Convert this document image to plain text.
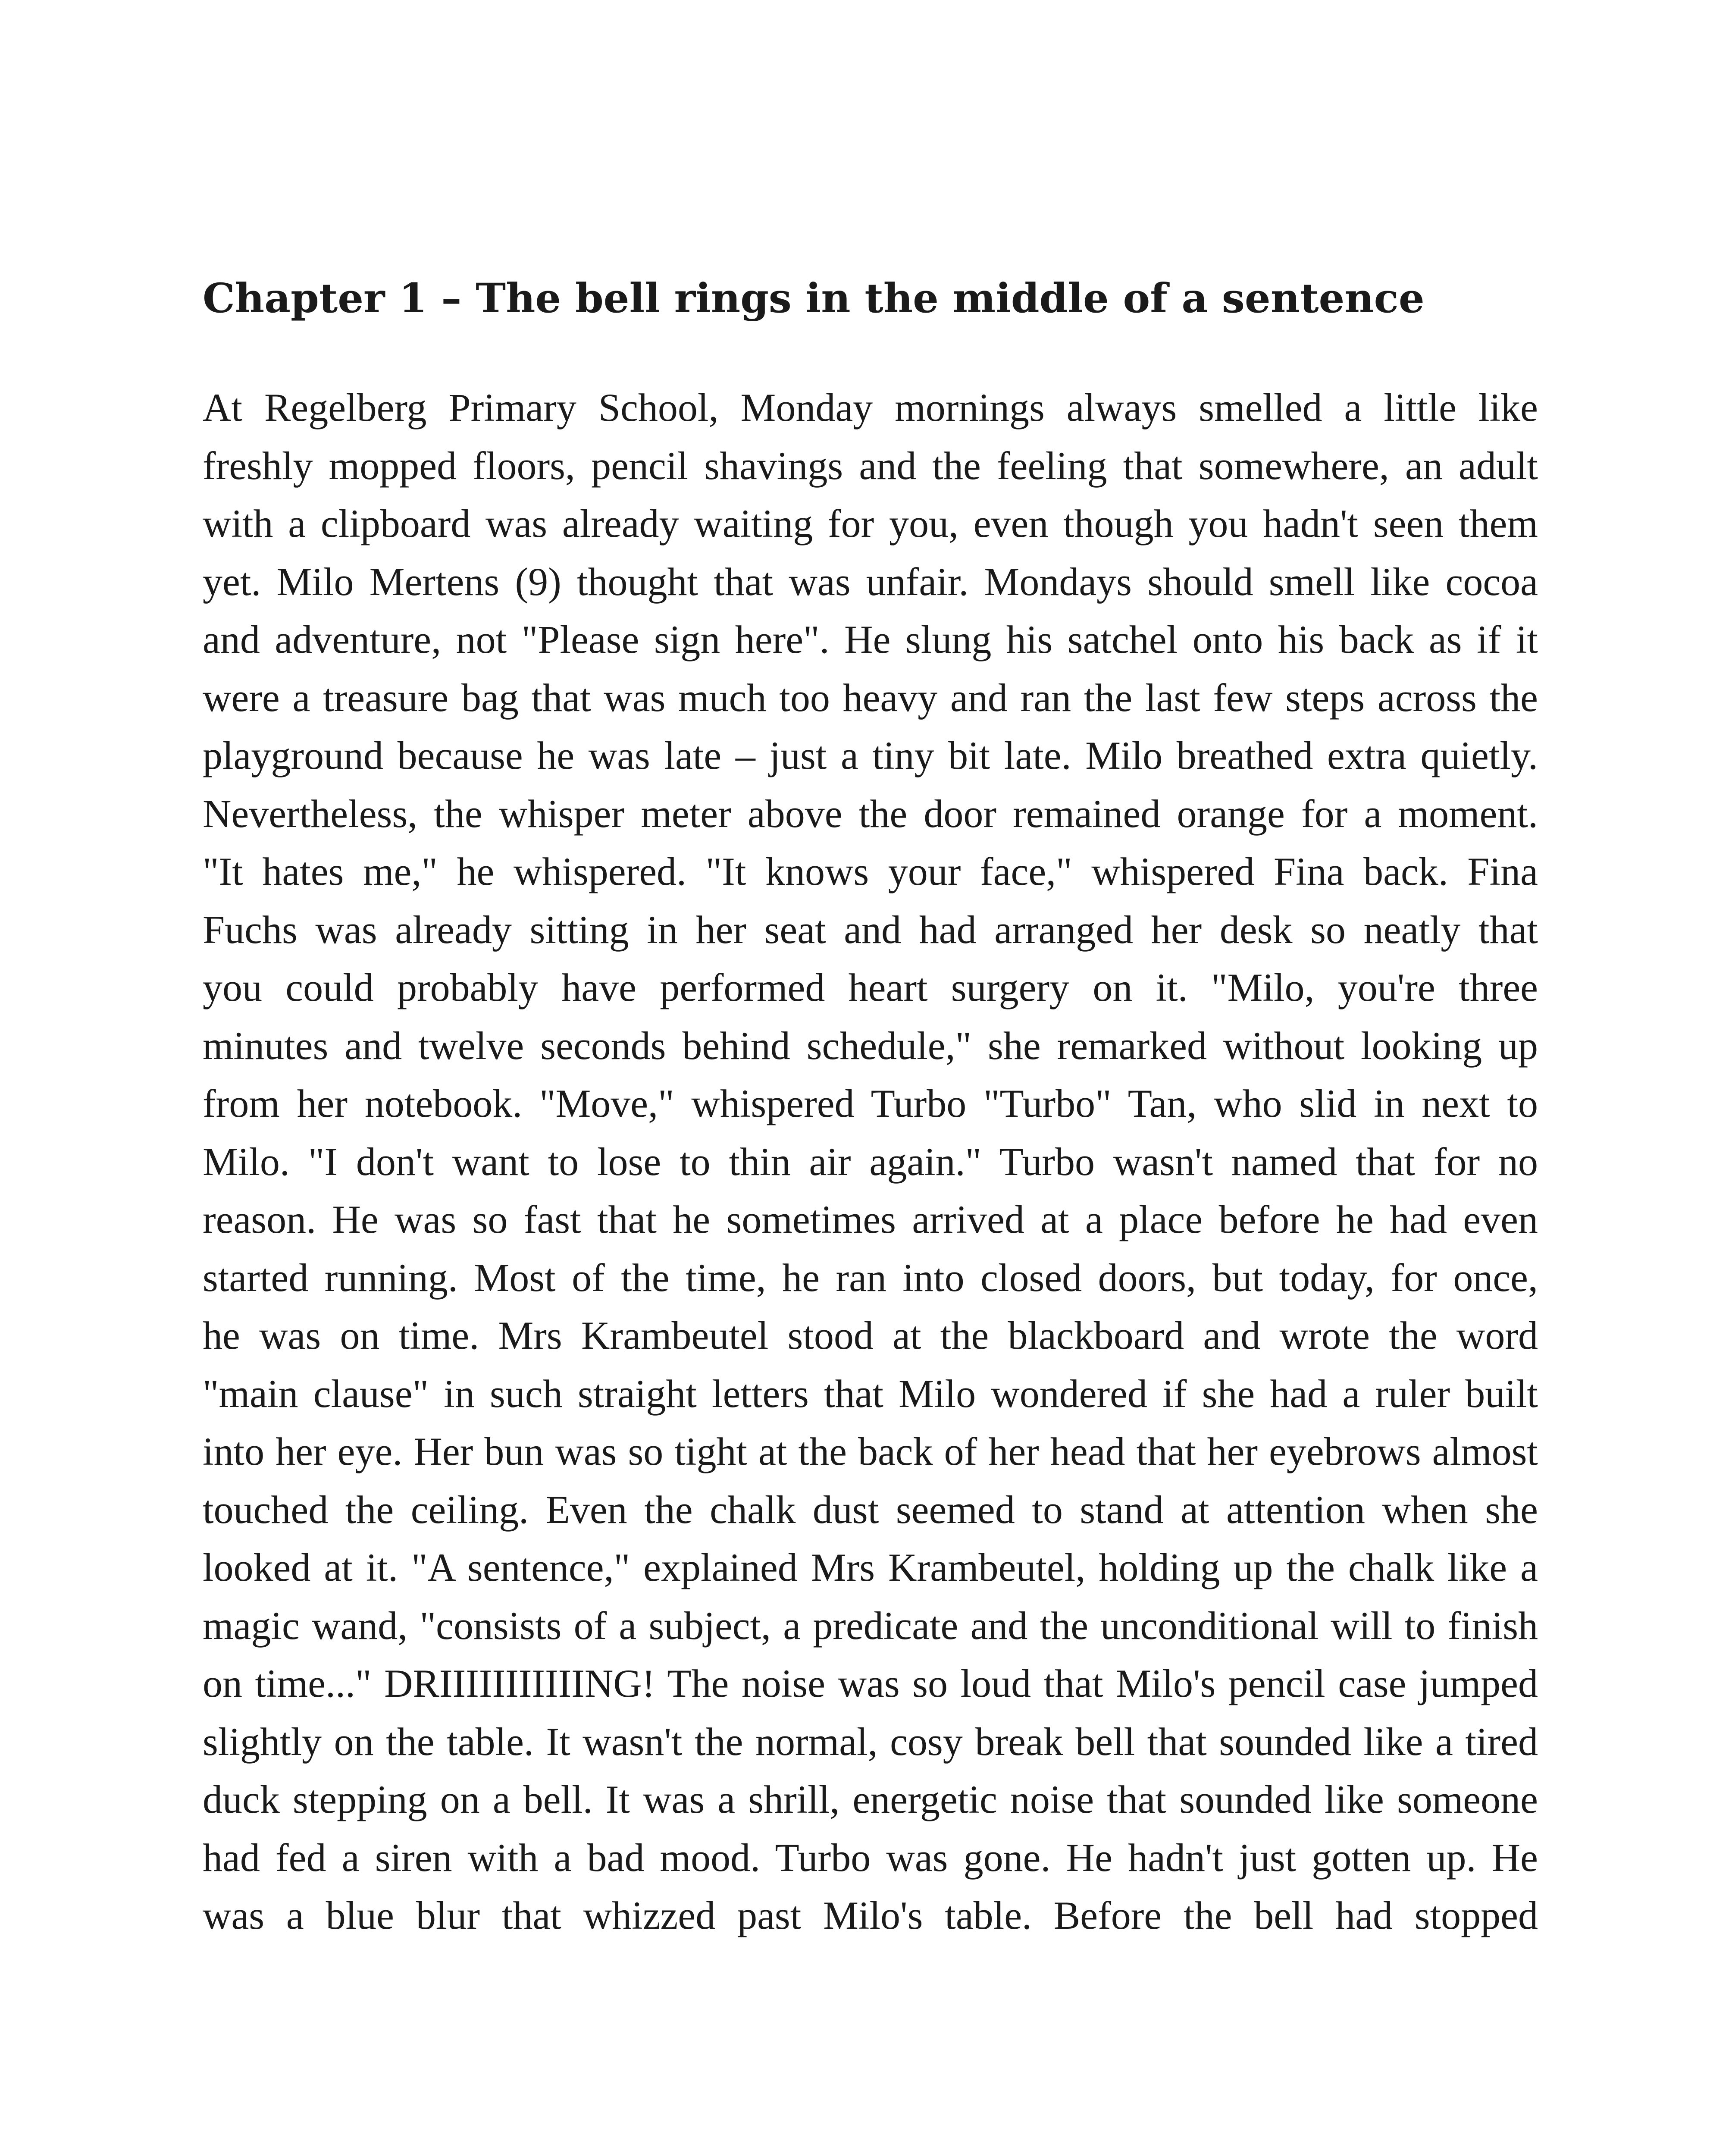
Chapter 1 – The bell rings in the middle of a sentence
At Regelberg Primary School, Monday mornings always smelled a little like
freshly mopped floors, pencil shavings and the feeling that somewhere, an adult
with a clipboard was already waiting for you, even though you hadn't seen them
yet. Milo Mertens (9) thought that was unfair. Mondays should smell like cocoa
and adventure, not "Please sign here". He slung his satchel onto his back as if it
were a treasure bag that was much too heavy and ran the last few steps across the
playground because he was late – just a tiny bit late. Milo breathed extra quietly.
Nevertheless, the whisper meter above the door remained orange for a moment.
"It hates me," he whispered. "It knows your face," whispered Fina back. Fina
Fuchs was already sitting in her seat and had arranged her desk so neatly that
you could probably have performed heart surgery on it. "Milo, you're three
minutes and twelve seconds behind schedule," she remarked without looking up
from her notebook. "Move," whispered Turbo "Turbo" Tan, who slid in next to
Milo. "I don't want to lose to thin air again." Turbo wasn't named that for no
reason. He was so fast that he sometimes arrived at a place before he had even
started running. Most of the time, he ran into closed doors, but today, for once,
he was on time. Mrs Krambeutel stood at the blackboard and wrote the word
"main clause" in such straight letters that Milo wondered if she had a ruler built
into her eye. Her bun was so tight at the back of her head that her eyebrows almost
touched the ceiling. Even the chalk dust seemed to stand at attention when she
looked at it. "A sentence," explained Mrs Krambeutel, holding up the chalk like a
magic wand, "consists of a subject, a predicate and the unconditional will to finish
on time..." DRIIIIIIIIIIING! The noise was so loud that Milo's pencil case jumped
slightly on the table. It wasn't the normal, cosy break bell that sounded like a tired
duck stepping on a bell. It was a shrill, energetic noise that sounded like someone
had fed a siren with a bad mood. Turbo was gone. He hadn't just gotten up. He
was a blue blur that whizzed past Milo's table. Before the bell had stopped
